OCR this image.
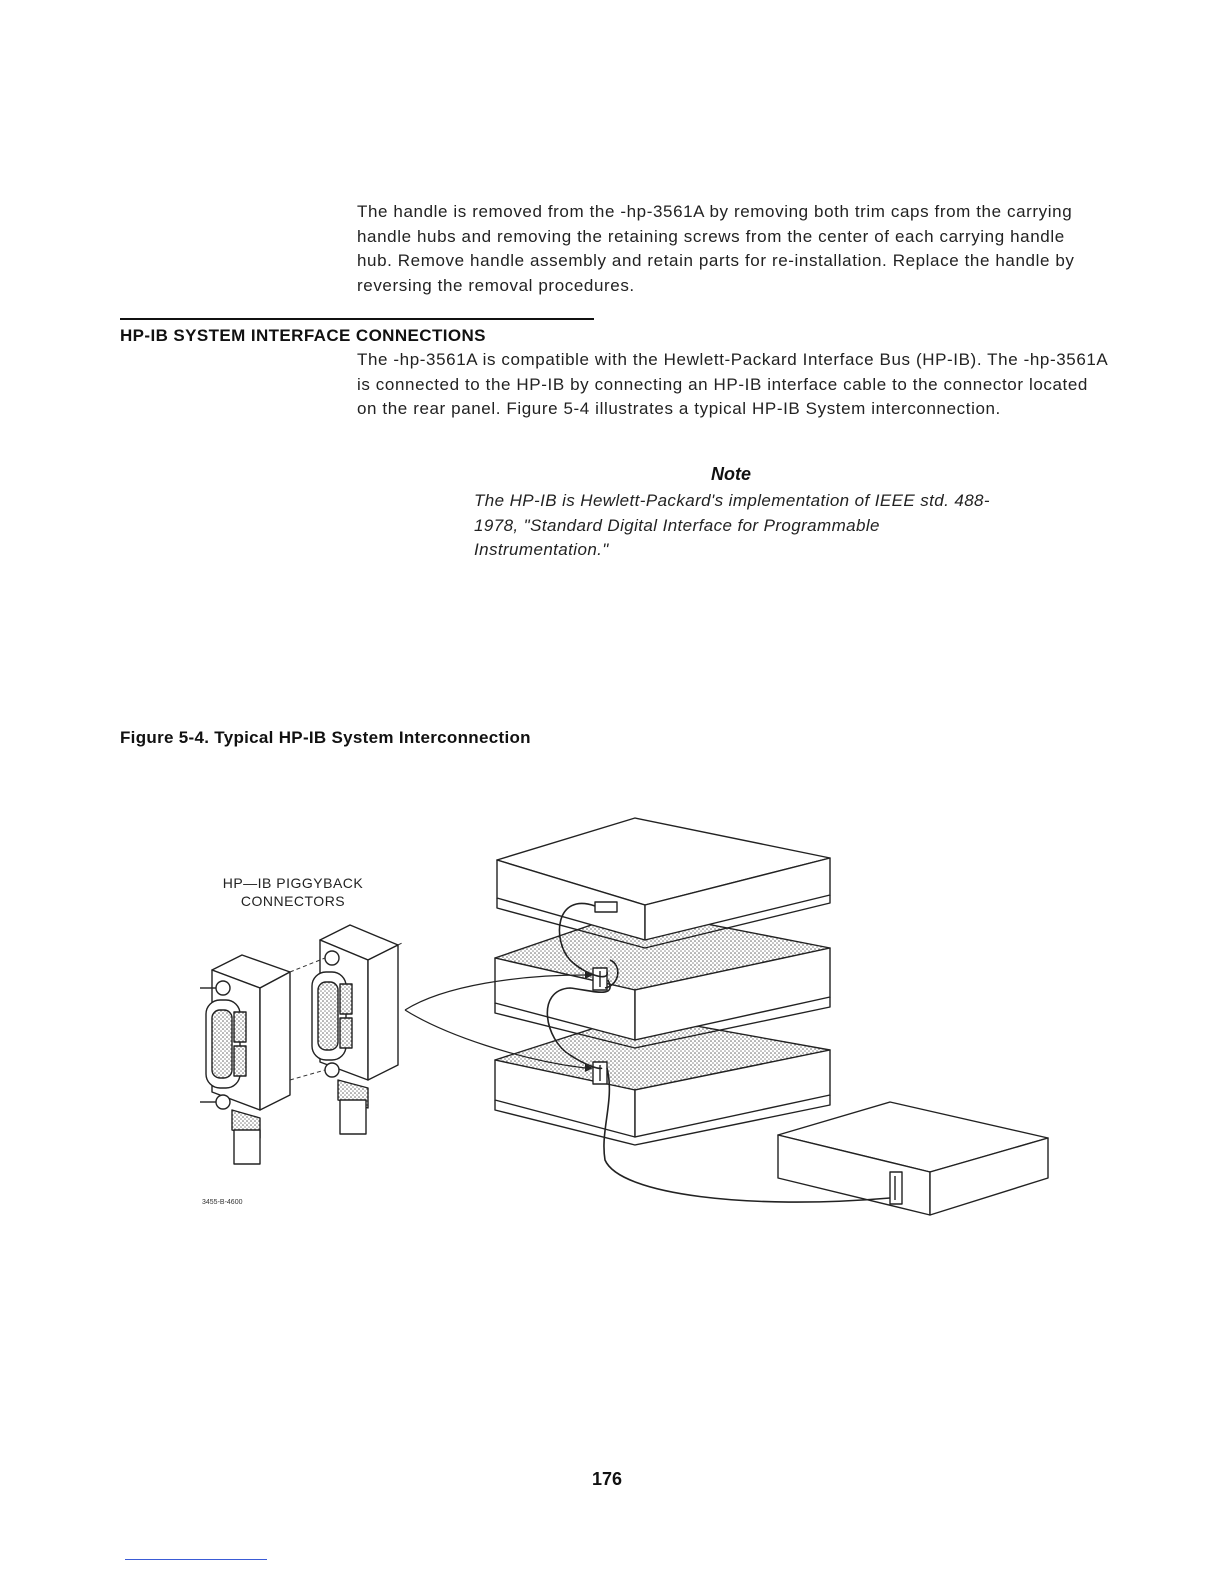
The handle is removed from the -hp-3561A by removing both trim caps from the carrying handle hubs and removing the retaining screws from the center of each carrying handle hub. Remove handle assembly and retain parts for re-installation. Replace the handle by reversing the removal procedures.
HP-IB SYSTEM INTERFACE CONNECTIONS
The -hp-3561A is compatible with the Hewlett-Packard Interface Bus (HP-IB). The -hp-3561A is connected to the HP-IB by connecting an HP-IB interface cable to the connector located on the rear panel. Figure 5-4 illustrates a typical HP-IB System interconnection.
Note
The HP-IB is Hewlett-Packard's implementation of IEEE std. 488-1978, "Standard Digital Interface for Programmable Instrumentation."
Figure 5-4. Typical HP-IB System Interconnection
HP—IB PIGGYBACK
CONNECTORS
3455-B-4600
176
